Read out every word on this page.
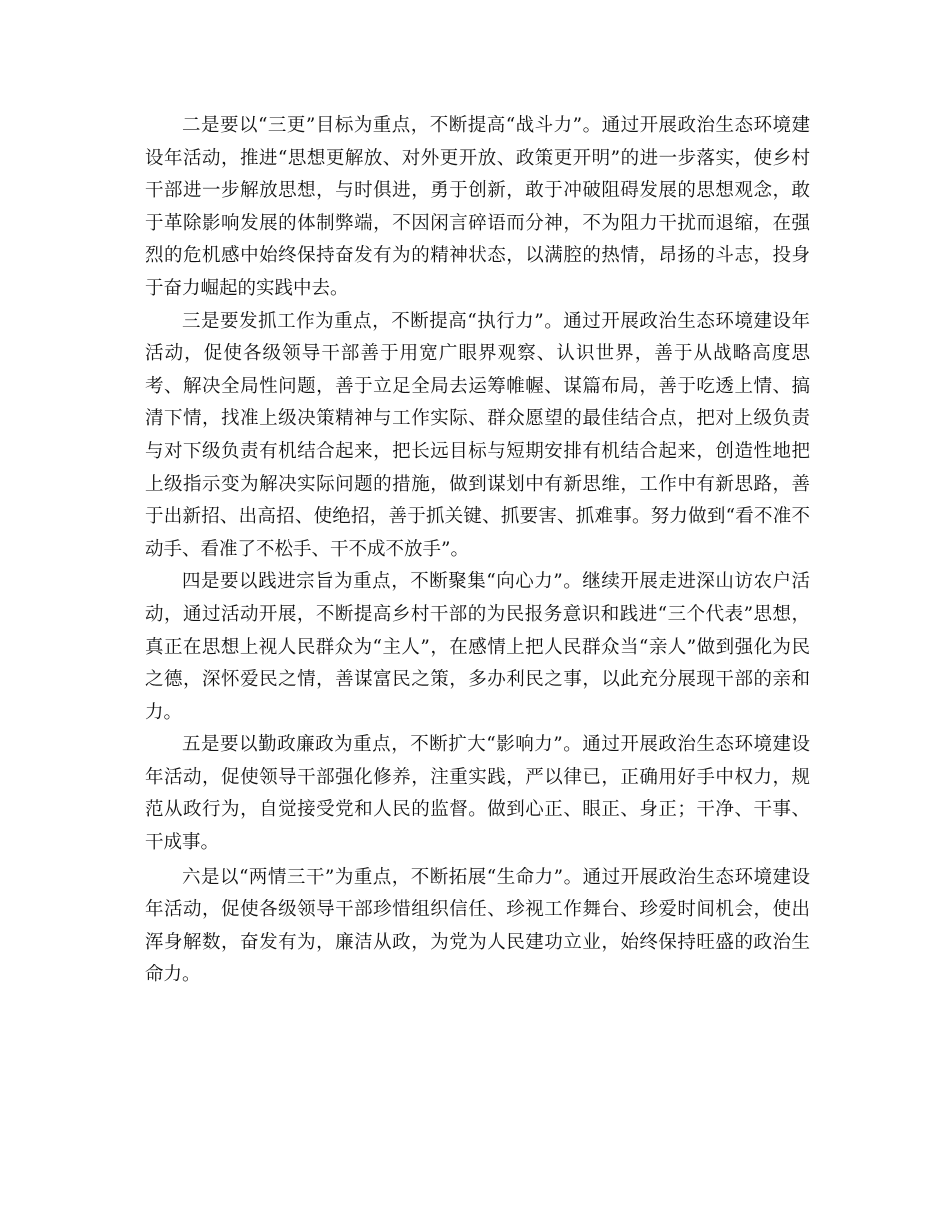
二是要以“三更”目标为重点，不断提高“战斗力”。通过开展政治生态环境建设年活动，推进“思想更解放、对外更开放、政策更开明”的进一步落实，使乡村干部进一步解放思想，与时俱进，勇于创新，敢于冲破阻碍发展的思想观念，敢于革除影响发展的体制弊端，不因闲言碎语而分神，不为阻力干扰而退缩，在强烈的危机感中始终保持奋发有为的精神状态，以满腔的热情，昂扬的斗志，投身于奋力崛起的实践中去。

三是要发抓工作为重点，不断提高“执行力”。通过开展政治生态环境建设年活动，促使各级领导干部善于用宽广眼界观察、认识世界，善于从战略高度思考、解决全局性问题，善于立足全局去运筹帷幄、谋篇布局，善于吃透上情、搞清下情，找准上级决策精神与工作实际、群众愿望的最佳结合点，把对上级负责与对下级负责有机结合起来，把长远目标与短期安排有机结合起来，创造性地把上级指示变为解决实际问题的措施，做到谋划中有新思维，工作中有新思路，善于出新招、出高招、使绝招，善于抓关键、抓要害、抓难事。努力做到“看不准不动手、看准了不松手、干不成不放手”。

四是要以践进宗旨为重点，不断聚集“向心力”。继续开展走进深山访农户活动，通过活动开展，不断提高乡村干部的为民报务意识和践进“三个代表”思想，真正在思想上视人民群众为“主人”，在感情上把人民群众当“亲人”做到强化为民之德，深怀爱民之情，善谋富民之策，多办利民之事，以此充分展现干部的亲和力。

五是要以勤政廉政为重点，不断扩大“影响力”。通过开展政治生态环境建设年活动，促使领导干部强化修养，注重实践，严以律已，正确用好手中权力，规范从政行为，自觉接受党和人民的监督。做到心正、眼正、身正；干净、干事、干成事。

六是以“两情三干”为重点，不断拓展“生命力”。通过开展政治生态环境建设年活动，促使各级领导干部珍惜组织信任、珍视工作舞台、珍爱时间机会，使出浑身解数，奋发有为，廉洁从政，为党为人民建功立业，始终保持旺盛的政治生命力。
